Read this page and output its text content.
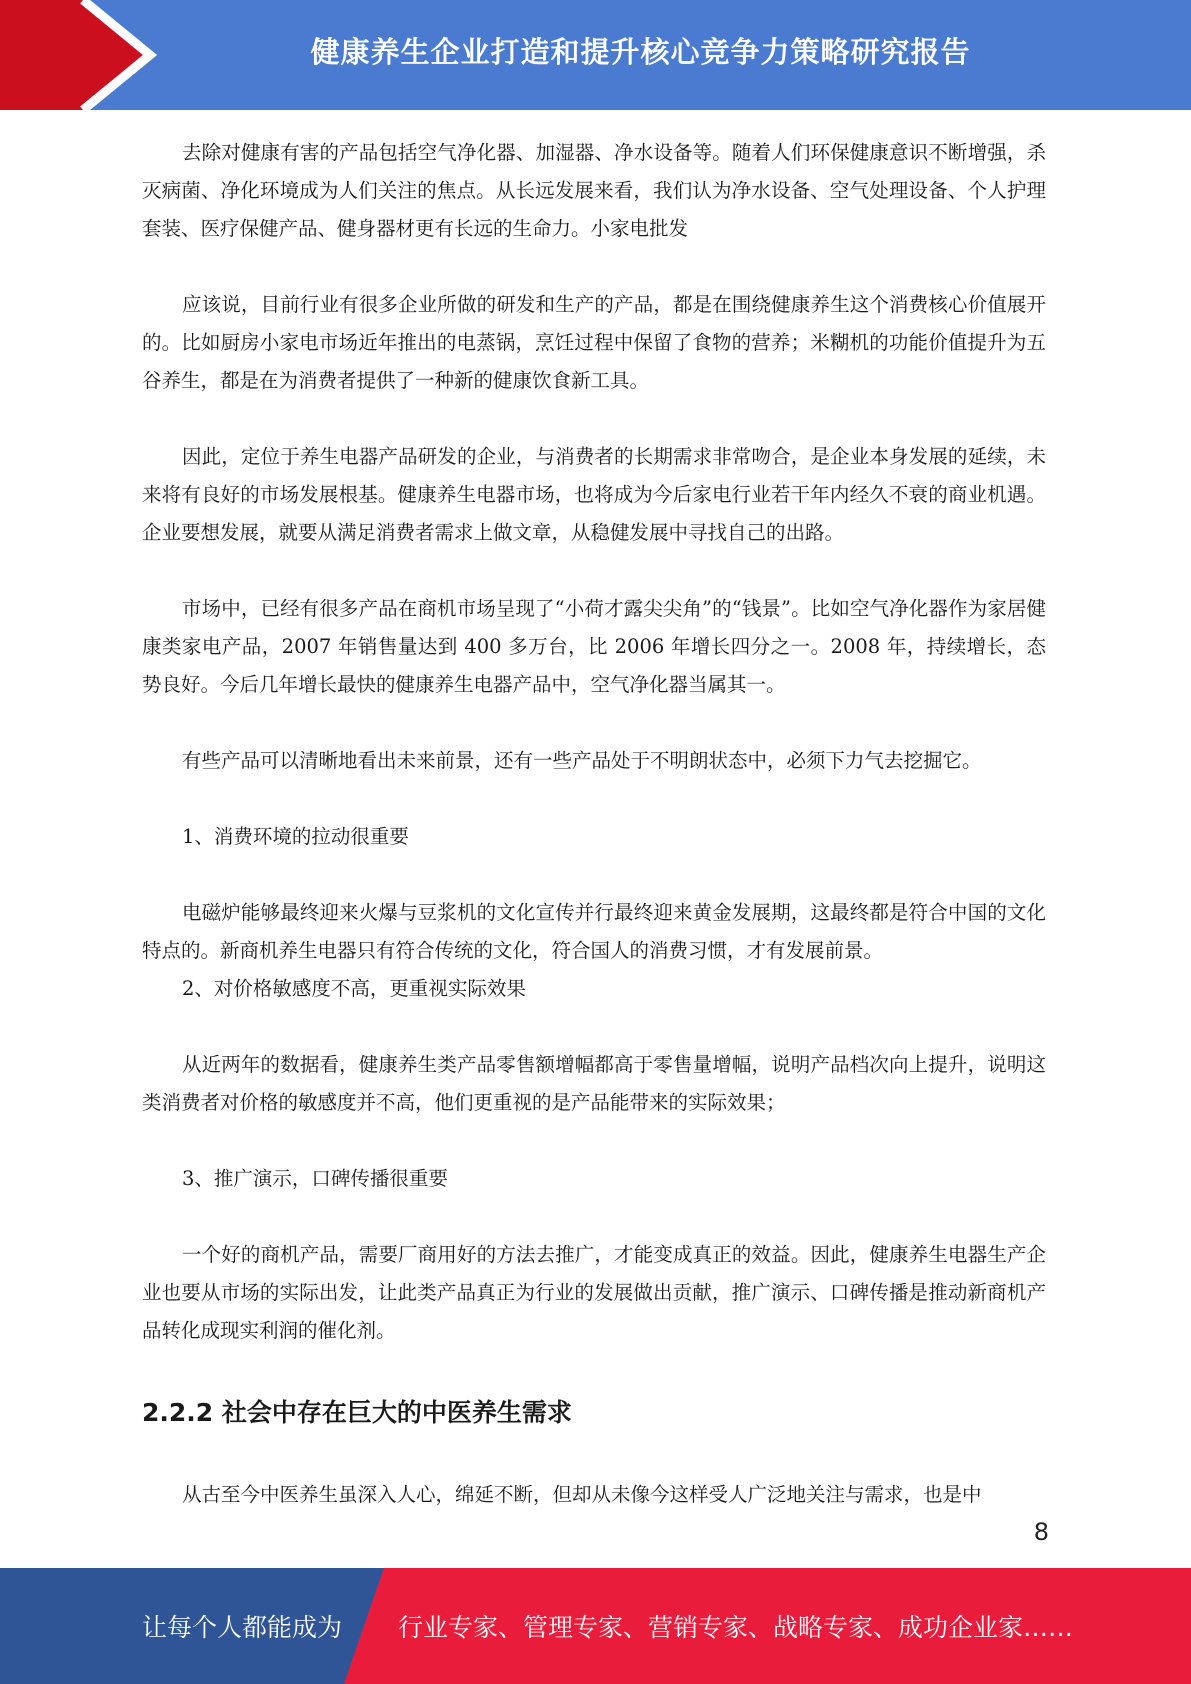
健康养生企业打造和提升核心竞争力策略研究报告

去除对健康有害的产品包括空气净化器、加湿器、净水设备等。随着人们环保健康意识不断增强，杀灭病菌、净化环境成为人们关注的焦点。从长远发展来看，我们认为净水设备、空气处理设备、个人护理套装、医疗保健产品、健身器材更有长远的生命力。小家电批发

应该说，目前行业有很多企业所做的研发和生产的产品，都是在围绕健康养生这个消费核心价值展开的。比如厨房小家电市场近年推出的电蒸锅，烹饪过程中保留了食物的营养；米糊机的功能价值提升为五谷养生，都是在为消费者提供了一种新的健康饮食新工具。

因此，定位于养生电器产品研发的企业，与消费者的长期需求非常吻合，是企业本身发展的延续，未来将有良好的市场发展根基。健康养生电器市场，也将成为今后家电行业若干年内经久不衰的商业机遇。企业要想发展，就要从满足消费者需求上做文章，从稳健发展中寻找自己的出路。

市场中，已经有很多产品在商机市场呈现了“小荷才露尖尖角”的“钱景”。比如空气净化器作为家居健康类家电产品，2007 年销售量达到 400 多万台，比 2006 年增长四分之一。2008 年，持续增长，态势良好。今后几年增长最快的健康养生电器产品中，空气净化器当属其一。

有些产品可以清晰地看出未来前景，还有一些产品处于不明朗状态中，必须下力气去挖掘它。

1、消费环境的拉动很重要

电磁炉能够最终迎来火爆与豆浆机的文化宣传并行最终迎来黄金发展期，这最终都是符合中国的文化特点的。新商机养生电器只有符合传统的文化，符合国人的消费习惯，才有发展前景。

2、对价格敏感度不高，更重视实际效果

从近两年的数据看，健康养生类产品零售额增幅都高于零售量增幅，说明产品档次向上提升，说明这类消费者对价格的敏感度并不高，他们更重视的是产品能带来的实际效果；

3、推广演示，口碑传播很重要

一个好的商机产品，需要厂商用好的方法去推广，才能变成真正的效益。因此，健康养生电器生产企业也要从市场的实际出发，让此类产品真正为行业的发展做出贡献，推广演示、口碑传播是推动新商机产品转化成现实利润的催化剂。

2.2.2 社会中存在巨大的中医养生需求

从古至今中医养生虽深入人心，绵延不断，但却从未像今这样受人广泛地关注与需求，也是中

8
让每个人都能成为 行业专家、管理专家、营销专家、战略专家、成功企业家……
